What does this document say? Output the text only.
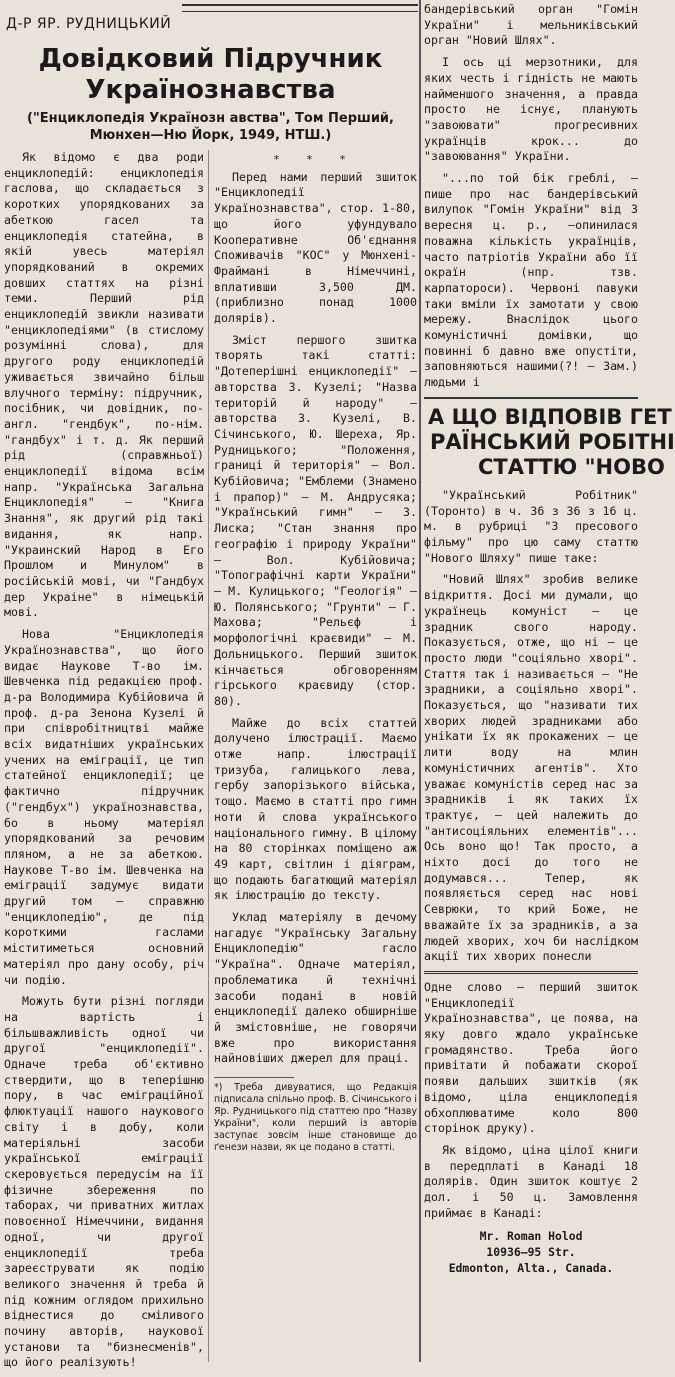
Д-Р ЯР. РУДНИЦЬКИЙ
Довідковий Підручник
Українознавства
("Енциклопедія Українозн авства", Том Перший, Мюнхен—Ню Йорк, 1949, НТШ.)

Як відомо є два роди енциклопедій: енциклопедія гаслова, що складається з коротких упорядкованих за абеткою гасел та енциклопедія статейна, в якій увесь матеріял упорядкований в окремих довших статтях на різні теми. Перший рід енциклопедій звикли називати "енциклопедіями" (в стислому розумінні слова), для другого роду енциклопедій уживається звичайно більш влучного терміну: підручник, посібник, чи довідник, по-англ. "гендбук", по-нім. "гандбух" і т. д. Як перший рід (справжньої) енциклопедії відома всім напр. "Українська Загальна Енциклопедія" — "Книга Знання", як другий рід такі видання, як напр. "Украинский Народ в Его Прошлом и Минулом" в російській мові, чи "Гандбух дер Украіне" в німецькій мові.

Нова "Енциклопедія Українознавства", що його видає Наукове Т-во ім. Шевченка під редакцією проф. д-ра Володимира Кубійовича й проф. д-ра Зенона Кузелі й при співробітництві майже всіх видатніших українських учених на еміграції, це тип статейної енциклопедії; це фактично підручник ("гендбух") українознавства, бо в ньому матеріял упорядкований за речовим пляном, а не за абеткою. Наукове Т-во ім. Шевченка на еміграції задумує видати другий том — справжню "енциклопедію", де під короткими гаслами міститиметься основний матеріял про дану особу, річ чи подію.

Можуть бути різні погляди на вартість і більшважливість одної чи другої "енциклопедії". Одначе треба об'єктивно ствердити, що в теперішню пору, в час еміграційної флюктуації нашого наукового світу і в добу, коли матеріяльні засоби української еміграції скеровується передусім на її фізичне збереження по таборах, чи приватних житлах повоєнної Німеччини, видання одної, чи другої енциклопедії треба зареєструвати як подію великого значення й треба й під кожним оглядом прихильно віднестися до сміливого почину авторів, наукової установи та "бизнесменів", що його реалізують!

* * *

Перед нами перший зшиток "Енциклопедії Українознавства", стор. 1-80, що його уфундувало Кооперативне Об'єднання Споживачів "КОС" у Мюнхені-Фраймані в Німеччині, вплативши 3,500 ДМ. (приблизно понад 1000 долярів).

Зміст першого зшитка творять такі статті: "Дотеперішні енциклопедії" — авторства З. Кузелі; "Назва територій й народу" — авторства З. Кузелі, В. Січинського, Ю. Шереха, Яр. Рудницького; "Положення, границі й територія" — Вол. Кубійовича; "Емблеми (Знамено і прапор)" — М. Андрусяка; "Український гимн" — З. Лиска; "Стан знання про географію і природу України" — Вол. Кубійовича; "Топографічні карти України" — М. Кулицького; "Геологія" — Ю. Полянського; "Грунти" — Г. Махова; "Рельєф і морфологічні краєвиди" — М. Дольницького. Перший зшиток кінчається обговоренням гірського краєвиду (стор. 80).

Майже до всіх статтей долучено ілюстрації. Маємо отже напр. ілюстрації тризуба, галицького лева, гербу запорізького війська, тощо. Маємо в статті про гимн ноти й слова українського національного гимну. В цілому на 80 сторінках поміщено аж 49 карт, світлин і діяграм, що подають багатющий матеріял як ілюстрацію до тексту.

Уклад матеріялу в дечому нагадує "Українську Загальну Енциклопедію" гасло "Україна". Одначе матеріял, проблематика й технічні засоби подані в новій енциклопедії далеко обширніше й змістовніше, не говорячи вже про використання найновіших джерел для праці.

*) Треба дивуватися, що Редакція підписала спільно проф. В. Січинського і Яр. Рудницького під статтею про "Назву України", коли перший із авторів заступає зовсім інше становище до ґенези назви, як це подано в статті.

бандерівський орган "Гомін України" і мельниківський орган "Новий Шлях".

І ось ці мерзотники, для яких честь і гідність не мають найменшого значення, а правда просто не існує, планують "завоювати" прогресивних українців крок... до "завоювання" України.

"...по той бік греблі, — пише про нас бандерівський вилупок "Гомін України" від 3 вересня ц. р., —опинилася поважна кількість українців, часто патріотів України або її окраїн (нпр. тзв. карпатороси). Червоні павуки таки вміли їх замотати у свою мережу. Внаслідок цього комуністичні домівки, що повинні б давно вже опустіти, заповняються нашими(?! — Зам.) людьми і

А ЩО ВІДПОВІВ ГЕТ
РАЇНСЬКИЙ РОБІТНІ
СТАТТЮ "НОВО

"Український Робітник" (Торонто) в ч. 36 з 36 з 16 ц. м. в рубриці "З пресового фільму" про цю саму статтю "Нового Шляху" пише таке:

"Новий Шлях" зробив велике відкриття. Досі ми думали, що українець комуніст — це зрадник свого народу. Показується, отже, що ні — це просто люди "соціяльно хворі". Стаття так і називається — "Не зрадники, а соціяльно хворі". Показується, що "називати тих хворих людей зрадниками або унikати їх як прокажених — це лити воду на млин комуністичних агентів". Хто уважає комуністів серед нас за зрадників і як таких їх трактує, — цей належить до "антисоціяльних елементів"... Ось воно що! Так просто, а ніхто досі до того не додумався... Тепер, як появляється серед нас нові Севрюки, то крий Боже, не вважайте їх за зрадників, а за людей хворих, хоч би наслідком акції тих хворих понесли

Одне слово — перший зшиток "Енциклопедії Українознавства", це поява, на яку довго ждало українське громадянство. Треба його привітати й побажати скорої появи дальших зшитків (як відомо, ціла енциклопедія обхоплюватиме коло 800 сторінок друку).

Як відомо, ціна цілої книги в передплаті в Канаді 18 долярів. Один зшиток коштує 2 дол. і 50 ц. Замовлення приймає в Канаді:

Mr. Roman Holod
10936—95 Str.
Edmonton, Alta., Canada.
